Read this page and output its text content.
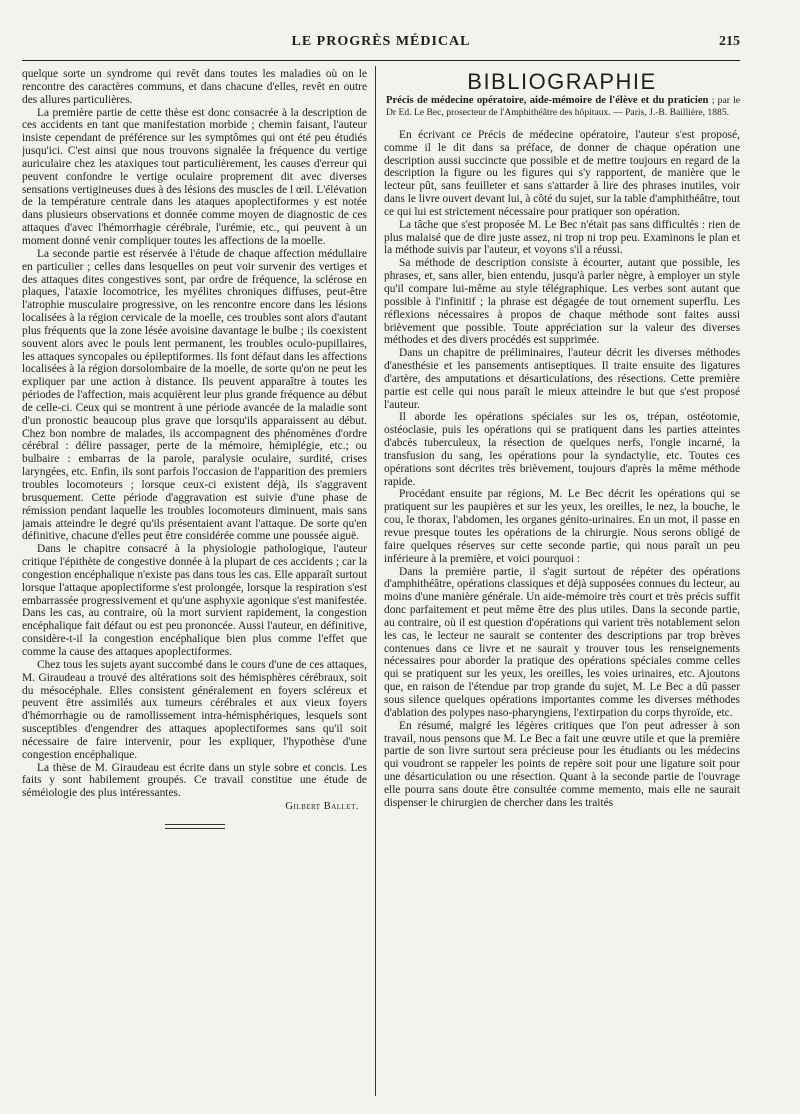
LE PROGRÈS MÉDICAL	215

quelque sorte un syndrome qui revêt dans toutes les maladies où on le rencontre des caractères communs, et dans chacune d'elles, revêt en outre des allures particulières.

La première partie de cette thèse est donc consacrée à la description de ces accidents en tant que manifestation morbide ; chemin faisant, l'auteur insiste cependant de préférence sur les symptômes qui ont été peu étudiés jusqu'ici. C'est ainsi que nous trouvons signalée la fréquence du vertige auriculaire chez les ataxiques tout particulièrement, les causes d'erreur qui peuvent confondre le vertige oculaire proprement dit avec diverses sensations vertigineuses dues à des lésions des muscles de l œil. L'élévation de la température centrale dans les ataques apoplectiformes y est notée dans plusieurs observations et donnée comme moyen de diagnostic de ces attaques d'avec l'hémorrhagie cérébrale, l'urémie, etc., qui peuvent à un moment donné venir compliquer toutes les affections de la moelle.

La seconde partie est réservée à l'étude de chaque affection médullaire en particulier ; celles dans lesquelles on peut voir survenir des vertiges et des attaques dites congestives sont, par ordre de fréquence, la sclérose en plaques, l'ataxie locomotrice, les myélites chroniques diffuses, peut-être l'atrophie musculaire progressive, on les rencontre encore dans les lésions localisées à la région cervicale de la moelle, ces troubles sont alors d'autant plus fréquents que la zone lésée avoisine davantage le bulbe ; ils coexistent souvent alors avec le pouls lent permanent, les troubles oculo-pupillaires, les attaques syncopales ou épileptiformes. Ils font défaut dans les affections localisées à la région dorsolombaire de la moelle, de sorte qu'on ne peut les expliquer par une action à distance. Ils peuvent apparaître à toutes les périodes de l'affection, mais acquièrent leur plus grande fréquence au début de celle-ci. Ceux qui se montrent à une période avancée de la maladie sont d'un pronostic beaucoup plus grave que lorsqu'ils apparaissent au début. Chez bon nombre de malades, ils accompagnent des phénomènes d'ordre cérébral : délire passager, perte de la mémoire, hémiplégie, etc.; ou bulbaire : embarras de la parole, paralysie oculaire, surdité, crises laryngées, etc. Enfin, ils sont parfois l'occasion de l'apparition des premiers troubles locomoteurs ; lorsque ceux-ci existent déjà, ils s'aggravent brusquement. Cette période d'aggravation est suivie d'une phase de rémission pendant laquelle les troubles locomoteurs diminuent, mais sans jamais atteindre le degré qu'ils présentaient avant l'attaque. De sorte qu'en définitive, chacune d'elles peut être considérée comme une poussée aiguë.

Dans le chapitre consacré à la physiologie pathologique, l'auteur critique l'épithète de congestive donnée à la plupart de ces accidents ; car la congestion encéphalique n'existe pas dans tous les cas. Elle apparaît surtout lorsque l'attaque apoplectiforme s'est prolongée, lorsque la respiration s'est embarrassée progressivement et qu'une asphyxie agonique s'est manifestée. Dans les cas, au contraire, où la mort survient rapidement, la congestion encéphalique fait défaut ou est peu prononcée. Aussi l'auteur, en définitive, considère-t-il la congestion encéphalique bien plus comme l'effet que comme la cause des attaques apoplectiformes.

Chez tous les sujets ayant succombé dans le cours d'une de ces attaques, M. Giraudeau a trouvé des altérations soit des hémisphères cérébraux, soit du mésocéphale. Elles consistent généralement en foyers scléreux et peuvent être assimilés aux tumeurs cérébrales et aux vieux foyers d'hémorrhagie ou de ramollissement intra-hémisphériques, lesquels sont susceptibles d'engendrer des attaques apoplectiformes sans qu'il soit nécessaire de faire intervenir, pour les expliquer, l'hypothèse d'une congestion encéphalique.

La thèse de M. Giraudeau est écrite dans un style sobre et concis. Les faits y sont habilement groupés. Ce travail constitue une étude de séméiologie des plus intéressantes.

Gilbert Ballet.
BIBLIOGRAPHIE
Précis de médecine opératoire, aide-mémoire de l'élève et du praticien ; par le Dr Ed. Le Bec, prosecteur de l'Amphithéâtre des hôpitaux. — Paris, J.-B. Baillière, 1885.

En écrivant ce Précis de médecine opératoire, l'auteur s'est proposé, comme il le dit dans sa préface, de donner de chaque opération une description aussi succincte que possible et de mettre toujours en regard de la description la figure ou les figures qui s'y rapportent, de manière que le lecteur pût, sans feuilleter et sans s'attarder à lire des phrases inutiles, voir dans le livre ouvert devant lui, à côté du sujet, sur la table d'amphithéâtre, tout ce qui lui est strictement nécessaire pour pratiquer son opération.

La tâche que s'est proposée M. Le Bec n'était pas sans difficultés : rien de plus malaisé que de dire juste assez, ni trop ni trop peu. Examinons le plan et la méthode suivis par l'auteur, et voyons s'il a réussi.

Sa méthode de description consiste à écourter, autant que possible, les phrases, et, sans aller, bien entendu, jusqu'à parler nègre, à employer un style qu'il compare lui-même au style télégraphique. Les verbes sont autant que possible à l'infinitif ; la phrase est dégagée de tout ornement superflu. Les réflexions nécessaires à propos de chaque méthode sont faites aussi brièvement que possible. Toute appréciation sur la valeur des diverses méthodes et des divers procédés est supprimée.

Dans un chapitre de préliminaires, l'auteur décrit les diverses méthodes d'anesthésie et les pansements antiseptiques. Il traite ensuite des ligatures d'artère, des amputations et désarticulations, des résections. Cette première partie est celle qui nous paraît le mieux atteindre le but que s'est proposé l'auteur.

Il aborde les opérations spéciales sur les os, trépan, ostéotomie, ostéoclasie, puis les opérations qui se pratiquent dans les parties atteintes d'abcès tuberculeux, la résection de quelques nerfs, l'ongle incarné, la transfusion du sang, les opérations pour la syndactylie, etc. Toutes ces opérations sont décrites très brièvement, toujours d'après la même méthode rapide.

Procédant ensuite par régions, M. Le Bec décrit les opérations qui se pratiquent sur les paupières et sur les yeux, les oreilles, le nez, la bouche, le cou, le thorax, l'abdomen, les organes génito-urinaires. En un mot, il passe en revue presque toutes les opérations de la chirurgie. Nous serons obligé de faire quelques réserves sur cette seconde partie, qui nous paraît un peu inférieure à la première, et voici pourquoi :

Dans la première partie, il s'agit surtout de répéter des opérations d'amphithéâtre, opérations classiques et déjà supposées connues du lecteur, au moins d'une manière générale. Un aide-mémoire très court et très précis suffit donc parfaitement et peut même être des plus utiles. Dans la seconde partie, au contraire, où il est question d'opérations qui varient très notablement selon les cas, le lecteur ne saurait se contenter des descriptions par trop brèves contenues dans ce livre et ne saurait y trouver tous les renseignements nécessaires pour aborder la pratique des opérations spéciales comme celles qui se pratiquent sur les yeux, les oreilles, les voies urinaires, etc. Ajoutons que, en raison de l'étendue par trop grande du sujet, M. Le Bec a dû passer sous silence quelques opérations importantes comme les diverses méthodes d'ablation des polypes naso-pharyngiens, l'extirpation du corps thyroïde, etc.

En résumé, malgré les légères critiques que l'on peut adresser à son travail, nous pensons que M. Le Bec a fait une œuvre utile et que la première partie de son livre surtout sera précieuse pour les étudiants ou les médecins qui voudront se rappeler les points de repère soit pour une ligature soit pour une désarticulation ou une résection. Quant à la seconde partie de l'ouvrage elle pourra sans doute être consultée comme memento, mais elle ne saurait dispenser le chirurgien de chercher dans les traités
